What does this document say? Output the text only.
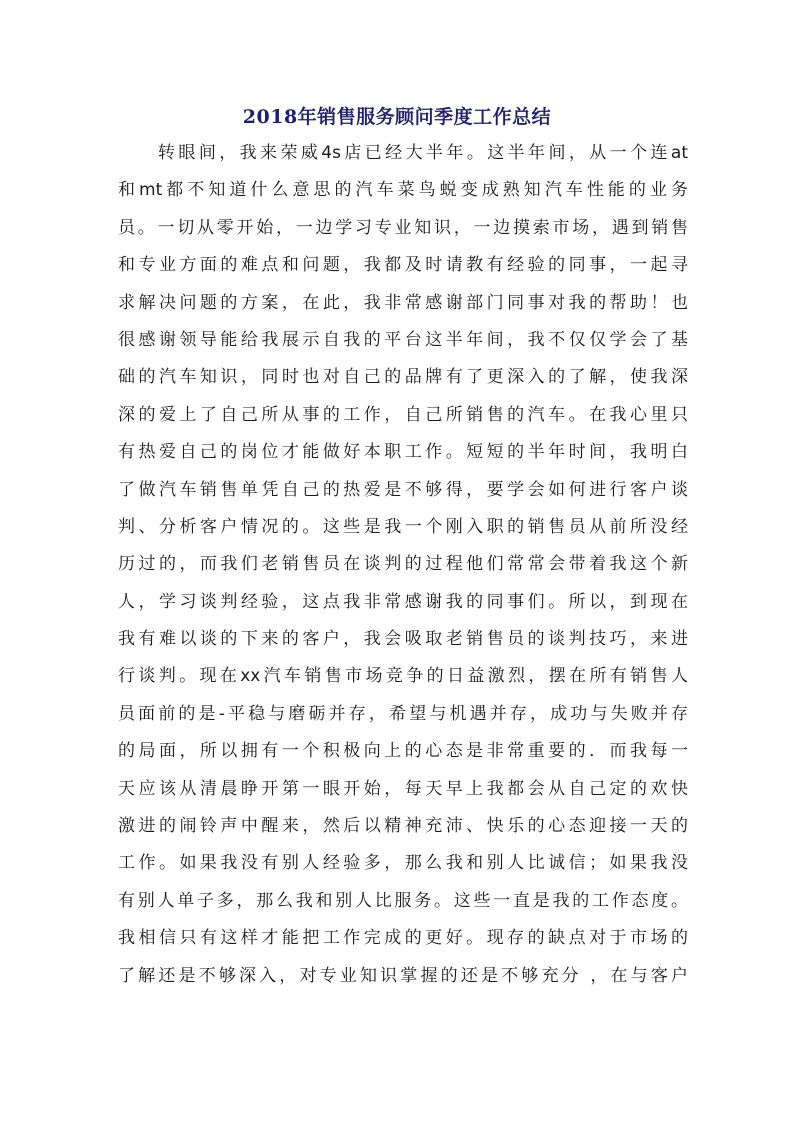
2018年销售服务顾问季度工作总结
转眼间，我来荣威4s店已经大半年。这半年间，从一个连at
和mt都不知道什么意思的汽车菜鸟蜕变成熟知汽车性能的业务
员。一切从零开始，一边学习专业知识，一边摸索市场，遇到销售
和专业方面的难点和问题，我都及时请教有经验的同事，一起寻
求解决问题的方案，在此，我非常感谢部门同事对我的帮助！也
很感谢领导能给我展示自我的平台这半年间，我不仅仅学会了基
础的汽车知识，同时也对自己的品牌有了更深入的了解，使我深
深的爱上了自己所从事的工作，自己所销售的汽车。在我心里只
有热爱自己的岗位才能做好本职工作。短短的半年时间，我明白
了做汽车销售单凭自己的热爱是不够得，要学会如何进行客户谈
判、分析客户情况的。这些是我一个刚入职的销售员从前所没经
历过的，而我们老销售员在谈判的过程他们常常会带着我这个新
人，学习谈判经验，这点我非常感谢我的同事们。所以，到现在
我有难以谈的下来的客户，我会吸取老销售员的谈判技巧，来进
行谈判。现在xx汽车销售市场竞争的日益激烈，摆在所有销售人
员面前的是-平稳与磨砺并存，希望与机遇并存，成功与失败并存
的局面，所以拥有一个积极向上的心态是非常重要的．而我每一
天应该从清晨睁开第一眼开始，每天早上我都会从自己定的欢快
激进的闹铃声中醒来，然后以精神充沛、快乐的心态迎接一天的
工作。如果我没有别人经验多，那么我和别人比诚信；如果我没
有别人单子多，那么我和别人比服务。这些一直是我的工作态度。
我相信只有这样才能把工作完成的更好。现存的缺点对于市场的
了解还是不够深入，对专业知识掌握的还是不够充分 ，在与客户
